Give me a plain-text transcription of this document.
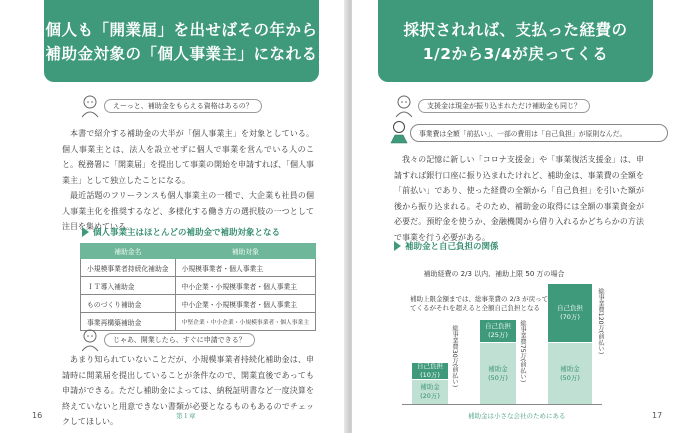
個人も「開業届」を出せばその年から
補助金対象の「個人事業主」になれる
えーっと、補助金をもらえる資格はあるの？

本書で紹介する補助金の大半が「個人事業主」を対象としている。個人事業主とは、法人を設立せずに個人で事業を営んでいる人のこと。税務署に「開業届」を提出して事業の開始を申請すれば、「個人事業主」として独立したことになる。

最近話題のフリーランスも個人事業主の一種で、大企業も社員の個人事業主化を推奨するなど、多様化する働き方の選択肢の一つとして注目を集めている。

個人事業主はほとんどの補助金で補助対象となる
補助金名	補助対象
小規模事業者持続化補助金	小規模事業者・個人事業主
ＩＴ導入補助金	中小企業・小規模事業者・個人事業主
ものづくり補助金	中小企業・小規模事業者・個人事業主
事業再構築補助金	中堅企業・中小企業・小規模事業者・個人事業主
じゃあ、開業したら、すぐに申請できる？

あまり知られていないことだが、小規模事業者持続化補助金は、申請時に開業届を提出していることが条件なので、開業直後であっても申請ができる。ただし補助金によっては、納税証明書など一度決算を終えていないと用意できない書類が必要となるものもあるのでチェックしてほしい。

16	第１章
採択されれば、支払った経費の
1/2から3/4が戻ってくる
支援金は現金が振り込まれただけ補助金も同じ？
事業費は全額「前払い」、一部の費用は「自己負担」が原則なんだ。

我々の記憶に新しい「コロナ支援金」や「事業復活支援金」は、申請すれば銀行口座に振り込まれたけれど、補助金は、事業費の全額を「前払い」であり、使った経費の全額から「自己負担」を引いた額が後から振り込まれる。そのため、補助金の取得には全額の事業資金が必要だ。預貯金を使うか、金融機関から借り入れるかどちらかの方法で事業を行う必要がある。

補助金と自己負担の関係
補助経費の 2/3 以内、補助上限 50 万の場合
補助上限金額までは、総事業費の 2/3 が戻って
てくるがそれを超えると全額自己負担となる
自己負担
(10万)
補助金
(20万)
総事業費30万(前払い)	自己負担
(25万)
補助金
(50万) 総事業費75万(前払い)
自己負担
(70万)
補助金
(50万)
総事業費120万(前払い)
補助金は小さな会社のためにある	17
